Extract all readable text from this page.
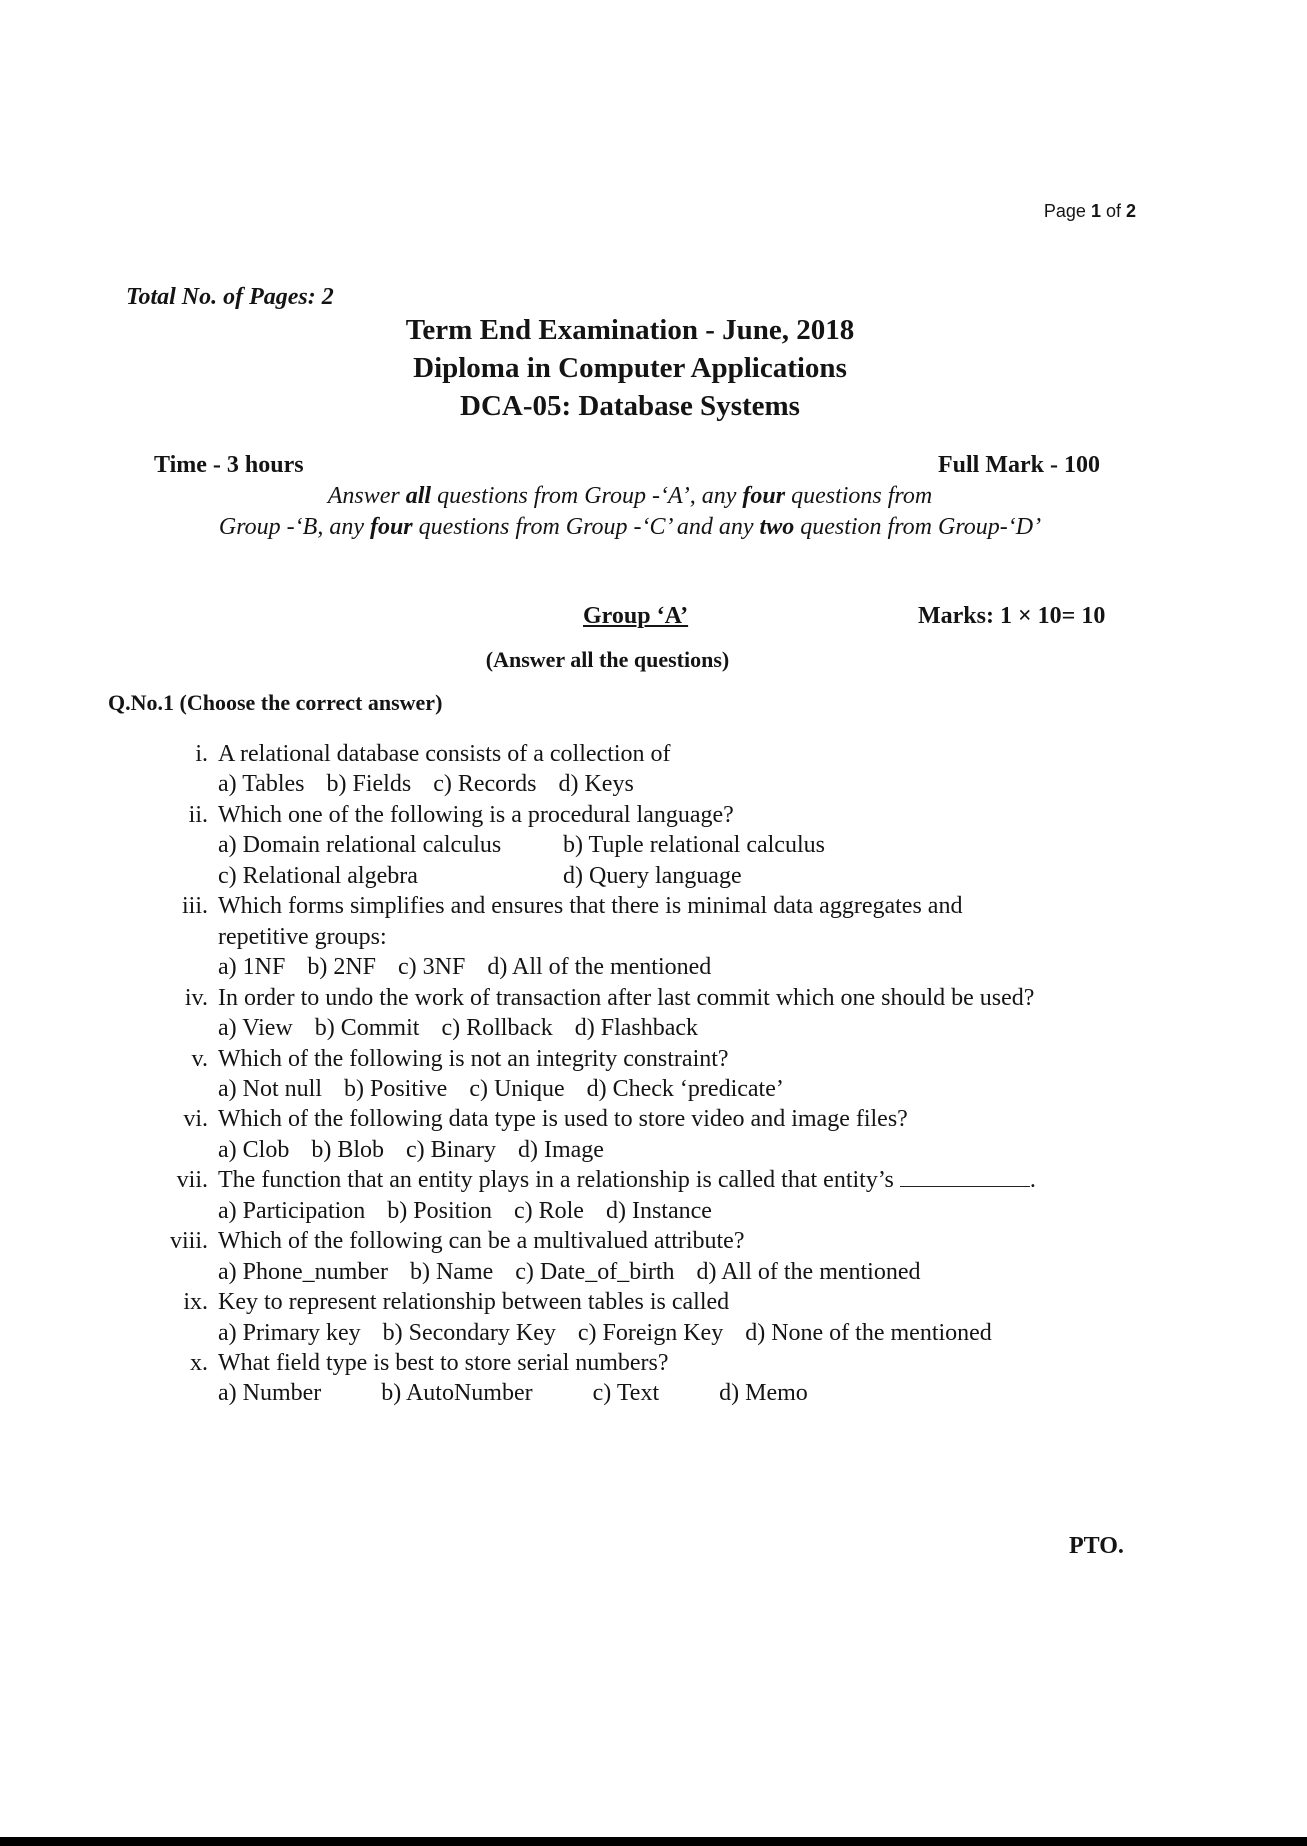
Page 1 of 2
Total No. of Pages: 2
Term End Examination - June, 2018
Diploma in Computer Applications
DCA-05: Database Systems
Time - 3 hours	Full Mark - 100
Answer all questions from Group -‘A’, any four questions from
Group -‘B, any four questions from Group -‘C’ and any two question from Group-‘D’
Group ‘A’	Marks: 1 × 10= 10
(Answer all the questions)
Q.No.1 (Choose the correct answer)
i. A relational database consists of a collection of
a) Tables b) Fields c) Records d) Keys
ii. Which one of the following is a procedural language?
a) Domain relational calculus	b) Tuple relational calculus
c) Relational algebra	d) Query language
iii. Which forms simplifies and ensures that there is minimal data aggregates and
repetitive groups:
a) 1NF b) 2NF c) 3NF d) All of the mentioned
iv. In order to undo the work of transaction after last commit which one should be used?
a) View b) Commit c) Rollback d) Flashback
v. Which of the following is not an integrity constraint?
a) Not null b) Positive c) Unique d) Check ‘predicate’
vi. Which of the following data type is used to store video and image files?
a) Clob b) Blob c) Binary d) Image
vii. The function that an entity plays in a relationship is called that entity’s	.
a) Participation b) Position c) Role d) Instance
viii. Which of the following can be a multivalued attribute?
a) Phone_number b) Name c) Date_of_birth d) All of the mentioned
ix. Key to represent relationship between tables is called
a) Primary key b) Secondary Key c) Foreign Key d) None of the mentioned
x. What field type is best to store serial numbers?
a) Number	b) AutoNumber	c) Text	d) Memo
PTO.
